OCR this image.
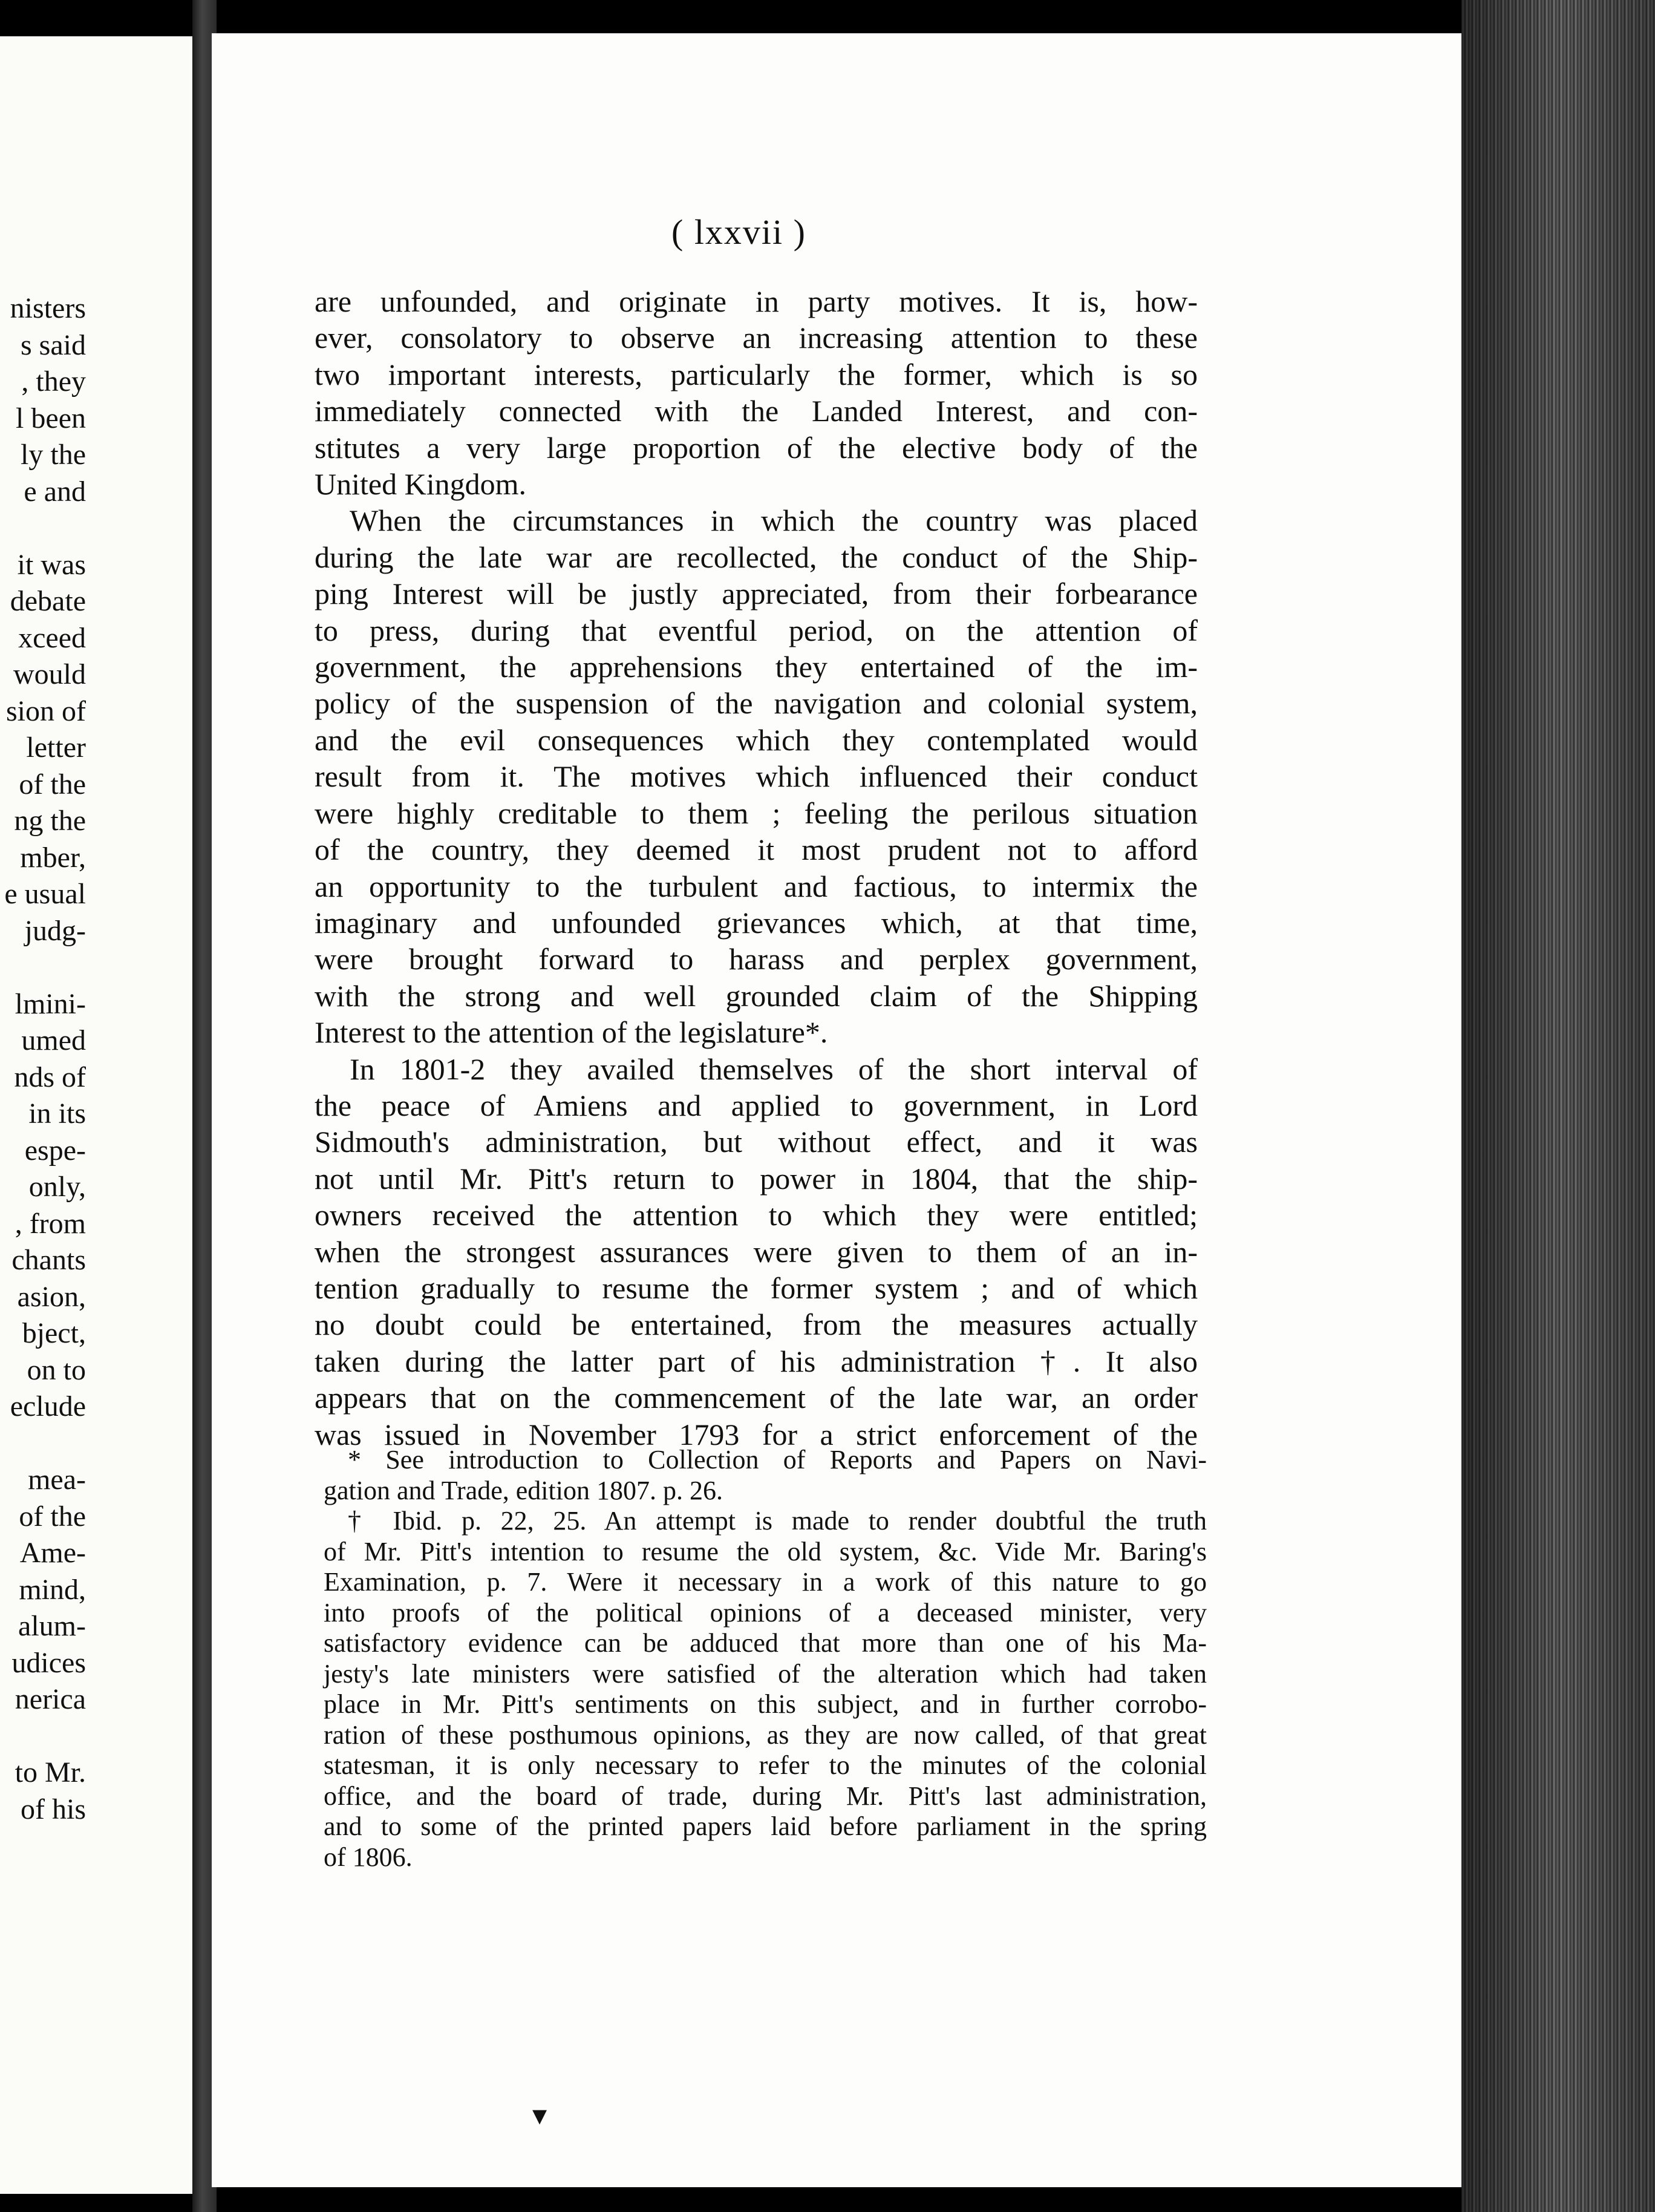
nisters
s said
, they
l been
ly the
e and
it was
debate
xceed
would
sion of
letter
of the
ng the
mber,
e usual
judg-
lmini-
umed
nds of
in its
espe-
only,
, from
chants
asion,
bject,
on to
eclude
mea-
of the
Ame-
mind,
alum-
udices
nerica
to Mr.
of his
( lxxvii )
are unfounded, and originate in party motives. It is, how-
ever, consolatory to observe an increasing attention to these
two important interests, particularly the former, which is so
immediately connected with the Landed Interest, and con-
stitutes a very large proportion of the elective body of the
United Kingdom.
When the circumstances in which the country was placed
during the late war are recollected, the conduct of the Ship-
ping Interest will be justly appreciated, from their forbearance
to press, during that eventful period, on the attention of
government, the apprehensions they entertained of the im-
policy of the suspension of the navigation and colonial system,
and the evil consequences which they contemplated would
result from it. The motives which influenced their conduct
were highly creditable to them ; feeling the perilous situation
of the country, they deemed it most prudent not to afford
an opportunity to the turbulent and factious, to intermix the
imaginary and unfounded grievances which, at that time,
were brought forward to harass and perplex government,
with the strong and well grounded claim of the Shipping
Interest to the attention of the legislature*.
In 1801-2 they availed themselves of the short interval of
the peace of Amiens and applied to government, in Lord
Sidmouth's administration, but without effect, and it was
not until Mr. Pitt's return to power in 1804, that the ship-
owners received the attention to which they were entitled;
when the strongest assurances were given to them of an in-
tention gradually to resume the former system ; and of which
no doubt could be entertained, from the measures actually
taken during the latter part of his administration †. It also
appears that on the commencement of the late war, an order
was issued in November 1793 for a strict enforcement of the
* See introduction to Collection of Reports and Papers on Navi-
gation and Trade, edition 1807. p. 26.
† Ibid. p. 22, 25. An attempt is made to render doubtful the truth
of Mr. Pitt's intention to resume the old system, &c. Vide Mr. Baring's
Examination, p. 7. Were it necessary in a work of this nature to go
into proofs of the political opinions of a deceased minister, very
satisfactory evidence can be adduced that more than one of his Ma-
jesty's late ministers were satisfied of the alteration which had taken
place in Mr. Pitt's sentiments on this subject, and in further corrobo-
ration of these posthumous opinions, as they are now called, of that great
statesman, it is only necessary to refer to the minutes of the colonial
office, and the board of trade, during Mr. Pitt's last administration,
and to some of the printed papers laid before parliament in the spring
of 1806.
▾
